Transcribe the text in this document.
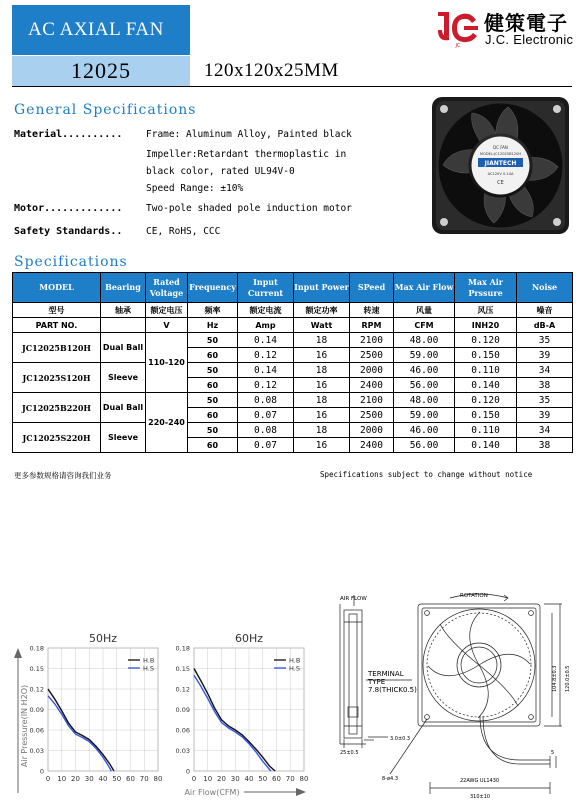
AC AXIAL FAN
12025	120x120x25MM
JC
健策電子
J.C. Electronic
General Specifications
Material.......... Frame: Aluminum Alloy, Painted black
Impeller:Retardant thermoplastic in
black color, rated UL94V-0
Speed Range: ±10%
Motor............. Two-pole shaded pole induction motor
Safety Standards.. CE, RoHS, CCC
DC FAN
MODEL:JC12025B120H
JIANTECH
AC120V 0.14A
CE
Specifications
MODEL	Bearing	Rated Voltage	Frequency	Input Current	Input Power	SPeed	Max Air Flow	Max Air Prssure	Noise
型号	轴承	额定电压	频率	额定电流	额定功率	转速	风量	风压	噪音
PART NO.		V	Hz	Amp	Watt	RPM	CFM	INH20	dB-A
JC12025B120H	Dual Ball	110-120	50	0.14	18	2100	48.00	0.120	35
			60	0.12	16	2500	59.00	0.150	39
JC12025S120H	Sleeve		50	0.14	18	2000	46.00	0.110	34
			60	0.12	16	2400	56.00	0.140	38
JC12025B220H	Dual Ball	220-240	50	0.08	18	2100	48.00	0.120	35
			60	0.07	16	2500	59.00	0.150	39
JC12025S220H	Sleeve		50	0.08	18	2000	46.00	0.110	34
			60	0.07	16	2400	56.00	0.140	38
更多参数规格请咨询我们业务	Specifications subject to change without notice
0 10 20 30 40 50 60 70 80
0
0.03
0.06
0.09
0.12
0.15
0.18
50Hz
H.B
H.S
0 10 20 30 40 50 60 70 80
0
0.03
0.06
0.09
0.12
0.15
0.18
60Hz
H.B
H.S
Air Pressure(IN H2O)
Air Flow(CFM)
AIR FLOW	ROTATION
TERMINAL
TYPE
7.8(THICK0.5)
25±0.5
3.0±0.3
8-ø4.3
104.8±0.3 120.0±0.5
5
22AWG UL1430
310±10
